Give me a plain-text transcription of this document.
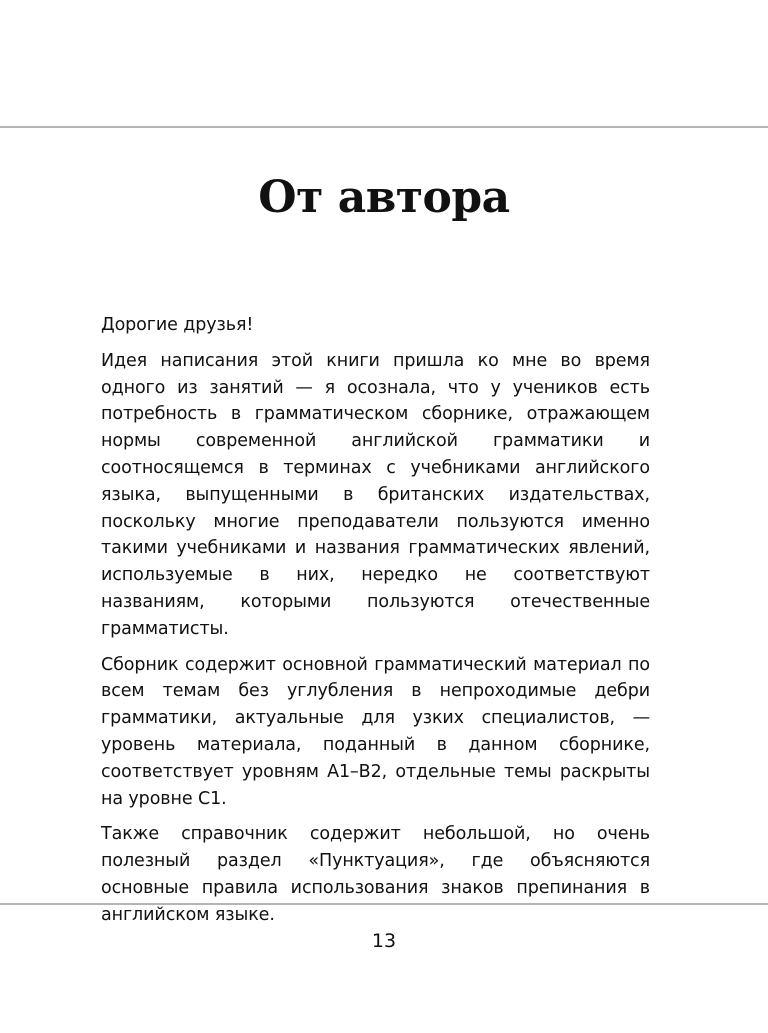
От автора

Дорогие друзья!

Идея написания этой книги пришла ко мне во время одного из занятий — я осознала, что у учеников есть потребность в грамматическом сборнике, отражающем нормы современной английской грамматики и соотносящемся в терминах с учебниками английского языка, выпущенными в британских издательствах, поскольку многие преподаватели пользуются именно такими учебниками и названия грамматических явлений, используемые в них, нередко не соответствуют названиям, которыми пользуются отечественные грамматисты.

Сборник содержит основной грамматический материал по всем темам без углубления в непроходимые дебри грамматики, актуальные для узких специалистов, — уровень материала, поданный в данном сборнике, соответствует уровням А1–В2, отдельные темы раскрыты на уровне С1.

Также справочник содержит небольшой, но очень полезный раздел «Пунктуация», где объясняются основные правила использования знаков препинания в английском языке.

13
